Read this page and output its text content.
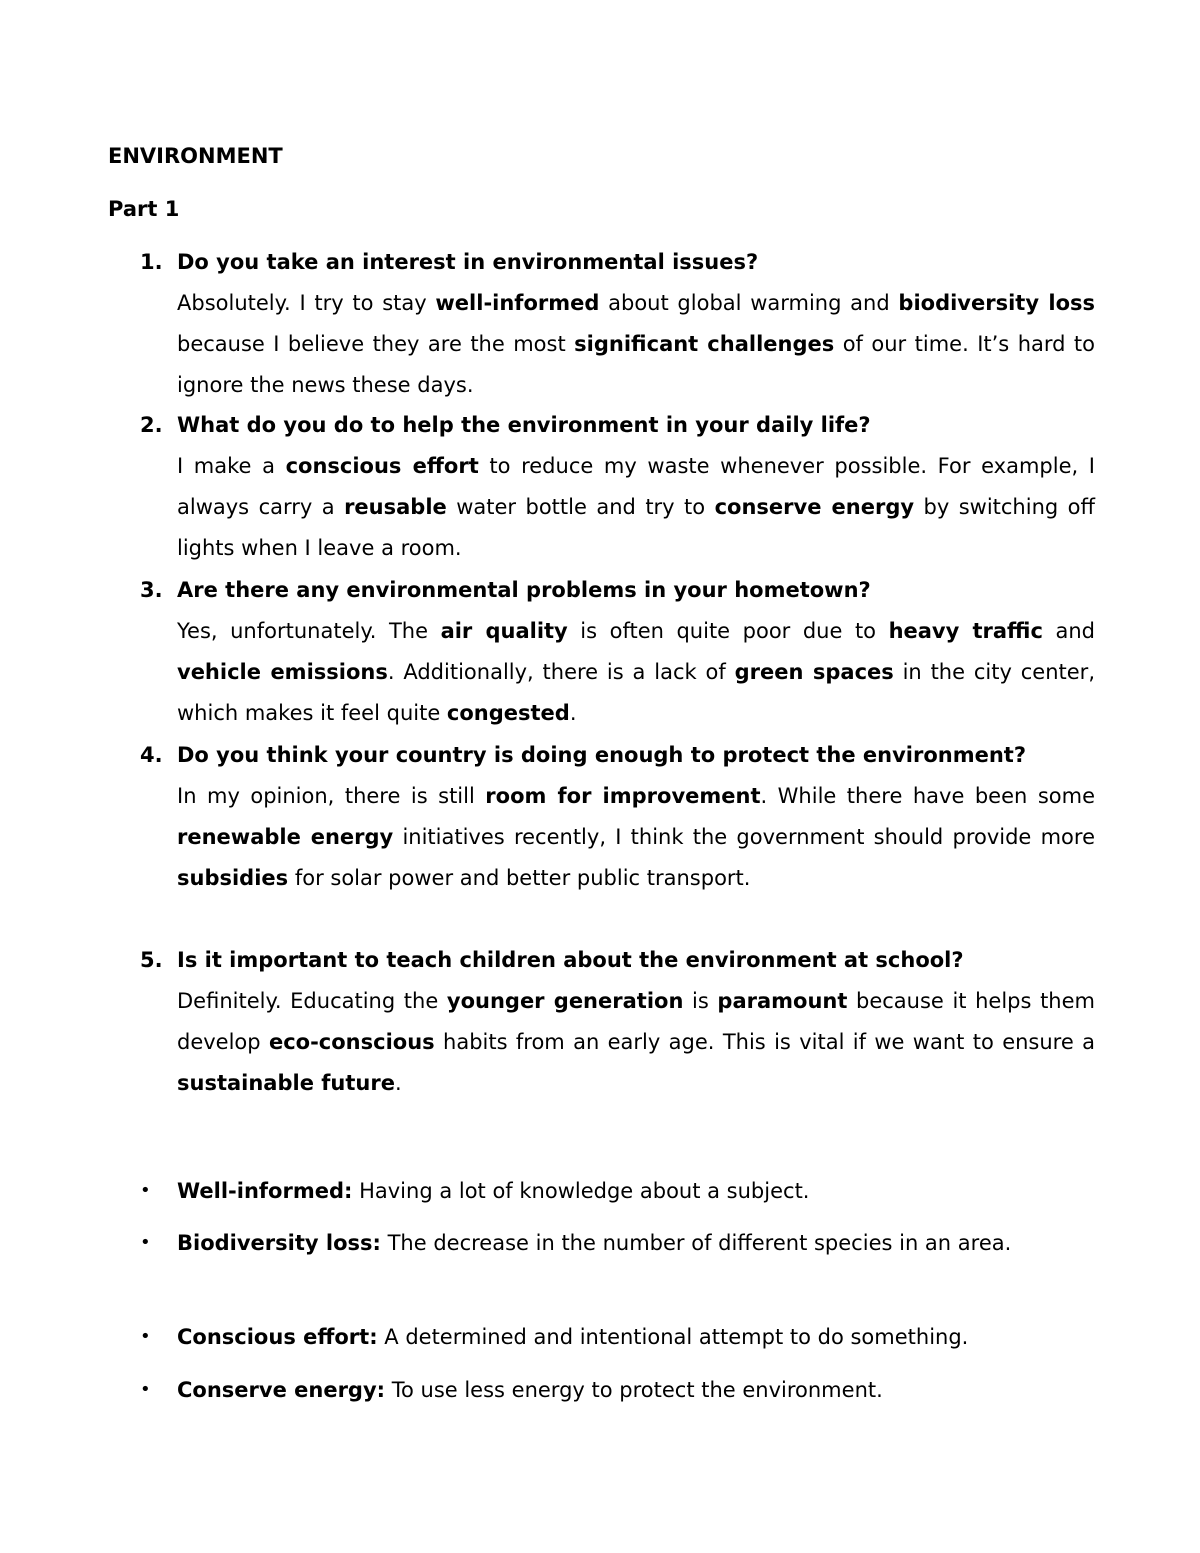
ENVIRONMENT
Part 1
1. Do you take an interest in environmental issues?

Absolutely. I try to stay well-informed about global warming and biodiversity loss because I believe they are the most significant challenges of our time. It’s hard to ignore the news these days.

2. What do you do to help the environment in your daily life?

I make a conscious effort to reduce my waste whenever possible. For example, I always carry a reusable water bottle and try to conserve energy by switching off lights when I leave a room.

3. Are there any environmental problems in your hometown?

Yes, unfortunately. The air quality is often quite poor due to heavy traffic and vehicle emissions. Additionally, there is a lack of green spaces in the city center, which makes it feel quite congested.

4. Do you think your country is doing enough to protect the environment?

In my opinion, there is still room for improvement. While there have been some renewable energy initiatives recently, I think the government should provide more subsidies for solar power and better public transport.

5. Is it important to teach children about the environment at school?

Definitely. Educating the younger generation is paramount because it helps them develop eco-conscious habits from an early age. This is vital if we want to ensure a sustainable future.

•	Well-informed: Having a lot of knowledge about a subject.
•	Biodiversity loss: The decrease in the number of different species in an area.
•	Conscious effort: A determined and intentional attempt to do something.
•	Conserve energy: To use less energy to protect the environment.
